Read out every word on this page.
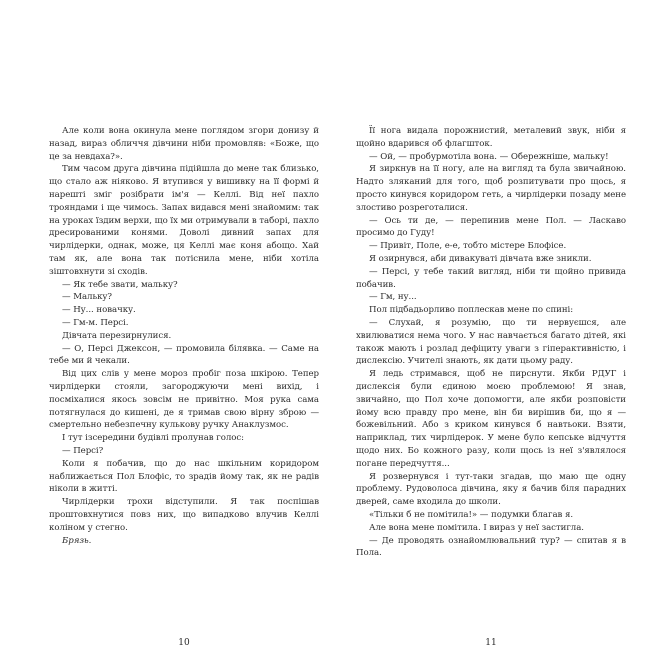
Але коли вона окинула мене поглядом згори донизу й назад, вираз обличчя дівчини ніби промовляв: «Боже, що це за невдаха?».

Тим часом друга дівчина підійшла до мене так близько, що стало аж ніяково. Я втупився у вишивку на її формі й нарешті зміг розібрати ім'я — Келлі. Від неї пахло трояндами і ще чимось. Запах видався мені знайомим: так на уроках їздим верхи, що їх ми отримували в таборі, пахло дресированими конями. Доволі дивний запах для чирлідерки, однак, може, ця Келлі має коня абощо. Хай там як, але вона так потіснила мене, ніби хотіла зіштовхнути зі сходів.

— Як тебе звати, мальку?

— Мальку?

— Ну... новачку.

— Гм-м. Персі.

Дівчата перезирнулися.

— О, Персі Джексон, — промовила білявка. — Саме на тебе ми й чекали.

Від цих слів у мене мороз пробіг поза шкірою. Тепер чирлідерки стояли, загороджуючи мені вихід, і посміхалися якось зовсім не привітно. Моя рука сама потягнулася до кишені, де я тримав свою вірну зброю — смертельно небезпечну кулькову ручку Анаклузмос.

І тут ізсередини будівлі пролунав голос:

— Персі?

Коли я побачив, що до нас шкільним коридором наближається Пол Блофіс, то зрадів йому так, як не радів ніколи в житті.

Чирлідерки трохи відступили. Я так поспішав проштовхнутися повз них, що випадково влучив Келлі коліном у стегно.

Брязь.

10

Її нога видала порожнистий, металевий звук, ніби я щойно вдарився об флагшток.

— Ой, — пробурмотіла вона. — Обережніше, мальку!

Я зиркнув на її ногу, але на вигляд та була звичайною. Надто зляканий для того, щоб розпитувати про щось, я просто кинувся коридором геть, а чирлідерки позаду мене злостиво розреготалися.

— Ось ти де, — перепинив мене Пол. — Ласкаво просимо до Гуду!

— Привіт, Поле, е-е, тобто містере Блофісе.

Я озирнувся, аби дивакуваті дівчата вже зникли.

— Персі, у тебе такий вигляд, ніби ти щойно привида побачив.

— Гм, ну...

Пол підбадьорливо поплескав мене по спині:

— Слухай, я розумію, що ти нервуєшся, але хвилюватися нема чого. У нас навчається багато дітей, які також мають і розлад дефіциту уваги з гіперактивністю, і дислексію. Учителі знають, як дати цьому раду.

Я ледь стримався, щоб не пирснути. Якби РДУГ і дислексія були єдиною моєю проблемою! Я знав, звичайно, що Пол хоче допомогти, але якби розповісти йому всю правду про мене, він би вирішив би, що я — божевільний. Aбо з криком кинувся б навтьоки. Взяти, наприклад, тих чирлідерок. У мене було кепське відчуття щодо них. Бо кожного разу, коли щось із неї з'являлося погане передчуття...

Я розвернувся і тут-таки згадав, що маю ще одну проблему. Рудоволоса дівчина, яку я бачив біля парадних дверей, саме входила до школи.

«Тільки б не помітила!» — подумки благав я.

Але вона мене помітила. І вираз у неї застигла.

— Де проводять ознайомлювальний тур? — спитав я в Пола.

11
